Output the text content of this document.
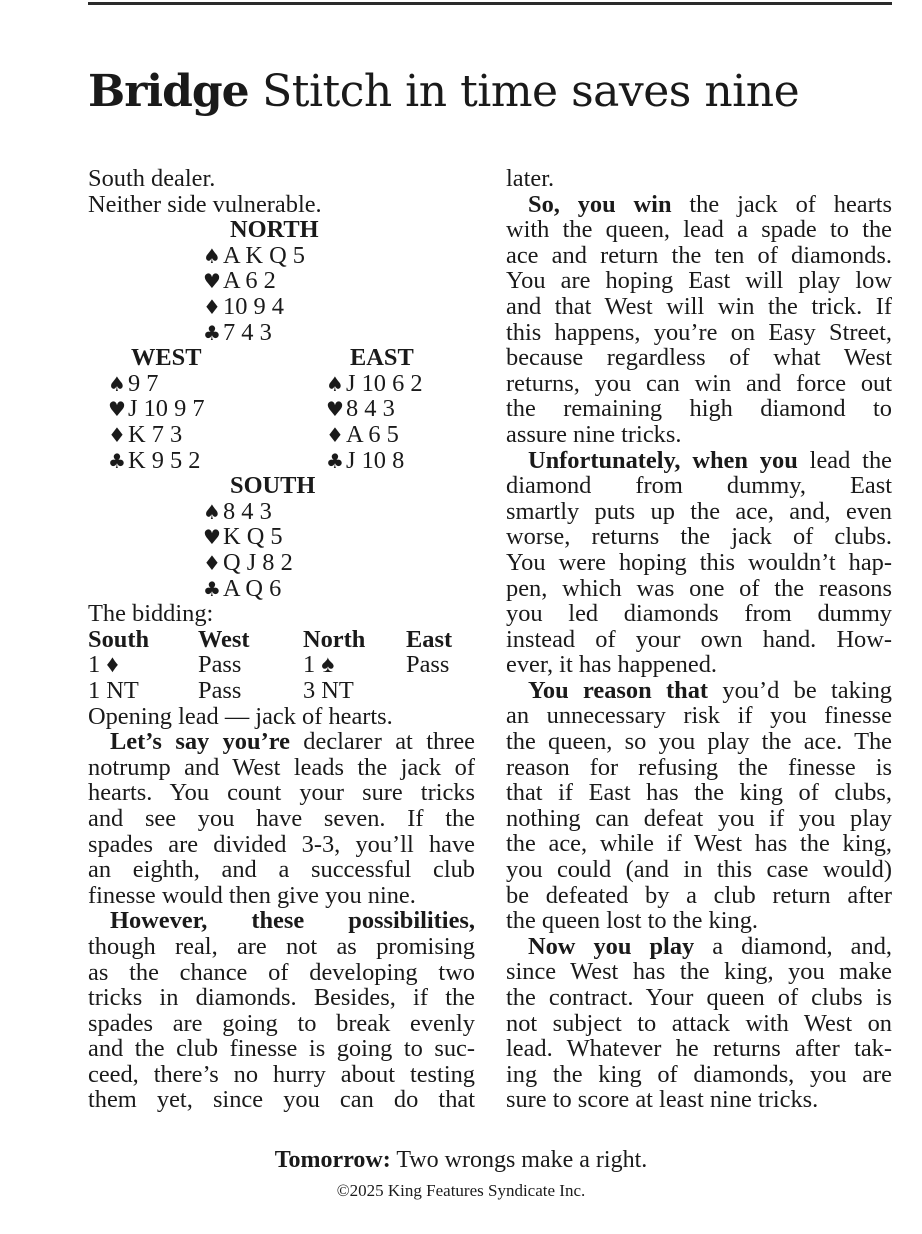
Bridge Stitch in time saves nine
South dealer.
Neither side vulnerable.
NORTH
♠A K Q 5
♥A 6 2
♦10 9 4
♣7 4 3
WEST	EAST
♠9 7	♠J 10 6 2
♥J 10 9 7	♥8 4 3
♦K 7 3	♦A 6 5
♣K 9 5 2	♣J 10 8
SOUTH
♠8 4 3
♥K Q 5
♦Q J 8 2
♣A Q 6
The bidding:
South West North East
1 ♦	Pass	1 ♠	Pass
1 NT Pass	3 NT
Opening lead — jack of hearts.
Let’s say you’re declarer at three
notrump and West leads the jack of
hearts. You count your sure tricks
and see you have seven. If the
spades are divided 3-3, you’ll have
an eighth, and a successful club
finesse would then give you nine.
However, these possibilities,
though real, are not as promising
as the chance of developing two
tricks in diamonds. Besides, if the
spades are going to break evenly
and the club finesse is going to suc-
ceed, there’s no hurry about testing
them yet, since you can do that
later.
So, you win the jack of hearts
with the queen, lead a spade to the
ace and return the ten of diamonds.
You are hoping East will play low
and that West will win the trick. If
this happens, you’re on Easy Street,
because regardless of what West
returns, you can win and force out
the remaining high diamond to
assure nine tricks.
Unfortunately, when you lead the
diamond from dummy, East
smartly puts up the ace, and, even
worse, returns the jack of clubs.
You were hoping this wouldn’t hap-
pen, which was one of the reasons
you led diamonds from dummy
instead of your own hand. How-
ever, it has happened.
You reason that you’d be taking
an unnecessary risk if you finesse
the queen, so you play the ace. The
reason for refusing the finesse is
that if East has the king of clubs,
nothing can defeat you if you play
the ace, while if West has the king,
you could (and in this case would)
be defeated by a club return after
the queen lost to the king.
Now you play a diamond, and,
since West has the king, you make
the contract. Your queen of clubs is
not subject to attack with West on
lead. Whatever he returns after tak-
ing the king of diamonds, you are
sure to score at least nine tricks.
Tomorrow: Two wrongs make a right.
©2025 King Features Syndicate Inc.
